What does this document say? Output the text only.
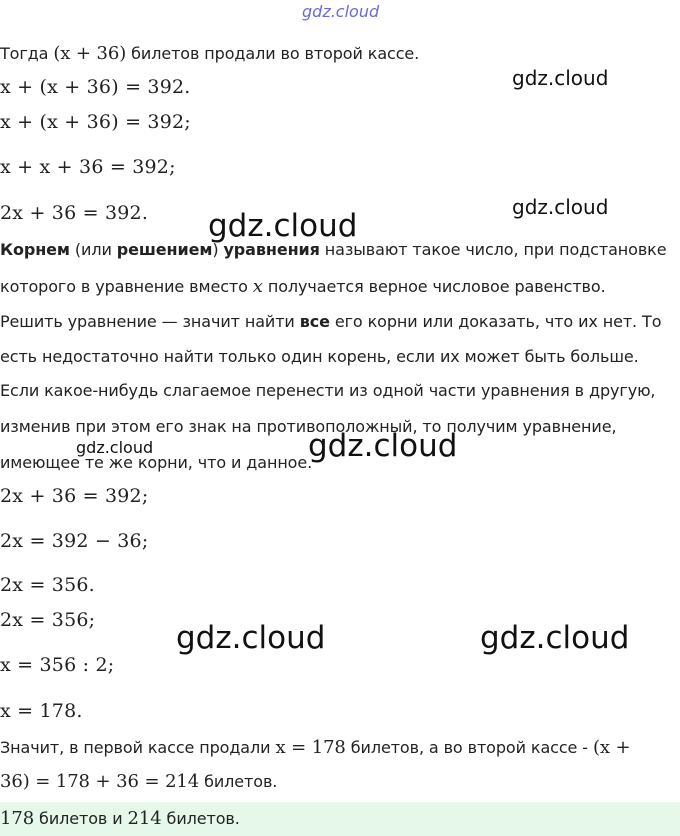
gdz.cloud
gdz.cloud
gdz.cloud
gdz.cloud
gdz.cloud	gdz.cloud
gdz.cloud	gdz.cloud
Тогда (x + 36) билетов продали во второй кассе.
x + (x + 36) = 392.
x + (x + 36) = 392;
x + x + 36 = 392;
2x + 36 = 392.
Корнем (или решением) уравнения называют такое число, при подстановке
которого в уравнение вместо x получается верное числовое равенство.
Решить уравнение — значит найти все его корни или доказать, что их нет. То
есть недостаточно найти только один корень, если их может быть больше.
Если какое-нибудь слагаемое перенести из одной части уравнения в другую,
изменив при этом его знак на противоположный, то получим уравнение,
имеющее те же корни, что и данное.
2x + 36 = 392;
2x = 392 − 36;
2x = 356.
2x = 356;
x = 356 : 2;
x = 178.
Значит, в первой кассе продали x = 178 билетов, а во второй кассе - (x +
36) = 178 + 36 = 214 билетов.
178 билетов и 214 билетов.
